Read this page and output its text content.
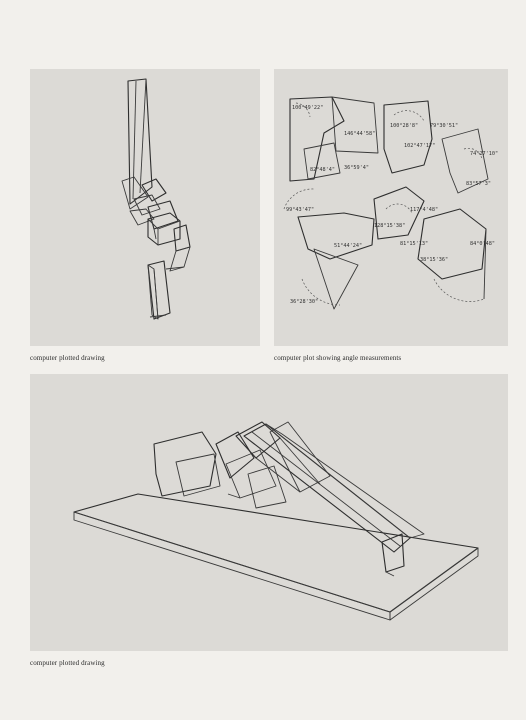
computer plotted drawing
100°49'22"
146°44'58"
100°28'8"
102°47'17"
79°30'51"
74°27'10"
83°57'3"
82°48'4" 36°59'4"
99°43'47"
51°44'24"
36°28'30"
128°15'38"
117°4'48"
81°15'13"	84°0'48"
38°15'36"
computer plot showing angle measurements
computer plotted drawing
